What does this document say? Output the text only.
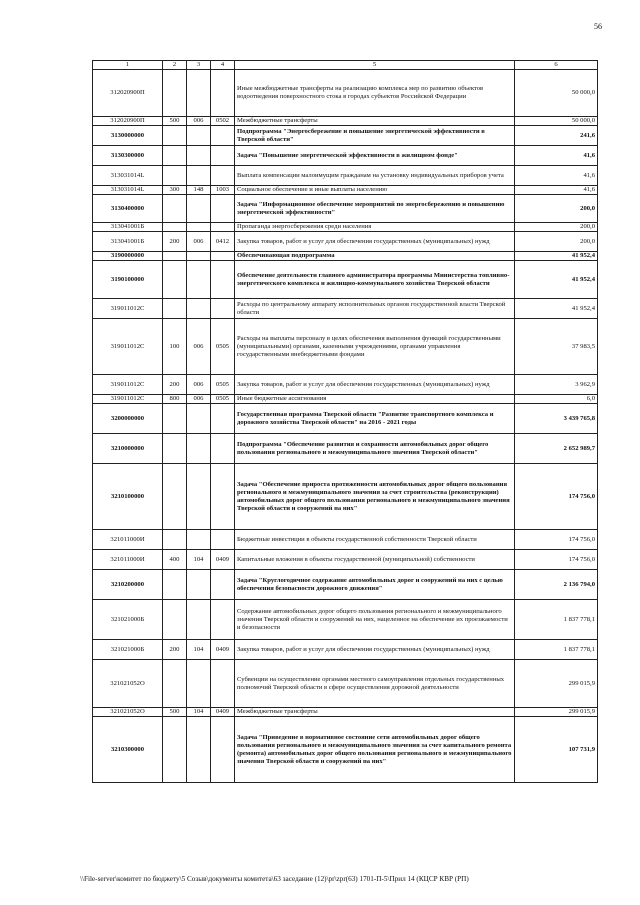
56
1	2	3	4	5	6
312020900П				Иные межбюджетные трансферты на реализацию комплекса мер по развитию объектов водоотведения поверхностного стока в городах субъектов Российской Федерации	50 000,0
312020900П	500	006	0502	Межбюджетные трансферты	50 000,0
3130000000				Подпрограмма "Энергосбережение и повышение энергетической эффективности в Тверской области"	241,6
3130300000				Задача "Повышение энергетической эффективности в жилищном фонде"	41,6
313031014L				Выплата компенсации малоимущим гражданам на установку индивидуальных приборов учета	41,6
313031014L	300	148	1003	Социальное обеспечение и иные выплаты населению	41,6
3130400000				Задача "Информационное обеспечение мероприятий по энергосбережению и повышению энергетической эффективности"	200,0
313041001Б				Пропаганда энергосбережения среди населения	200,0
313041001Б	200	006	0412	Закупка товаров, работ и услуг для обеспечения государственных (муниципальных) нужд	200,0
3190000000				Обеспечивающая подпрограмма	41 952,4
3190100000				Обеспечение деятельности главного администратора программы Министерства топливно-энергетического комплекса и жилищно-коммунального хозяйства Тверской области	41 952,4
319011012С				Расходы по центральному аппарату исполнительных органов государственной власти Тверской области	41 952,4
319011012С	100	006	0505	Расходы на выплаты персоналу в целях обеспечения выполнения функций государственными (муниципальными) органами, казенными учреждениями, органами управления государственными внебюджетными фондами	37 983,5
319011012С	200	006	0505	Закупка товаров, работ и услуг для обеспечения государственных (муниципальных) нужд	3 962,9
319011012С	800	006	0505	Иные бюджетные ассигнования	6,0
3200000000				Государственная программа Тверской области "Развитие транспортного комплекса и дорожного хозяйства Тверской области" на 2016 - 2021 годы	3 439 765,8
3210000000				Подпрограмма "Обеспечение развития и сохранности автомобильных дорог общего пользования регионального и межмуниципального значения Тверской области"	2 652 989,7
3210100000				Задача "Обеспечение прироста протяженности автомобильных дорог общего пользования регионального и межмуниципального значения за счет строительства (реконструкции) автомобильных дорог общего пользования регионального и межмуниципального значения Тверской области и сооружений на них"	174 756,0
321011000И				Бюджетные инвестиции в объекты государственной собственности Тверской области	174 756,0
321011000И	400	104	0409	Капитальные вложения в объекты государственной (муниципальной) собственности	174 756,0
3210200000				Задача "Круглогодичное содержание автомобильных дорог и сооружений на них с целью обеспечения безопасности дорожного движения"	2 136 794,0
321021000Б				Содержание автомобильных дорог общего пользования регионального и межмуниципального значения Тверской области и сооружений на них, нацеленное на обеспечение их проезжаемости и безопасности	1 837 778,1
321021000Б	200	104	0409	Закупка товаров, работ и услуг для обеспечения государственных (муниципальных) нужд	1 837 778,1
321021052О				Субвенции на осуществление органами местного самоуправления отдельных государственных полномочий Тверской области в сфере осуществления дорожной деятельности	299 015,9
321021052О	500	104	0409	Межбюджетные трансферты	299 015,9
3210300000				Задача "Приведение в нормативное состояние сети автомобильных дорог общего пользования регионального и межмуниципального значения за счет капитального ремонта (ремонта) автомобильных дорог общего пользования регионального и межмуниципального значения Тверской области и сооружений на них"	107 731,9
\\File-server\комитет по бюджету\5 Созыв\документы комитета\63 заседание (12)\pr\zpr(63) 1701-П-5\Прил 14 (КЦСР КВР (РП)
